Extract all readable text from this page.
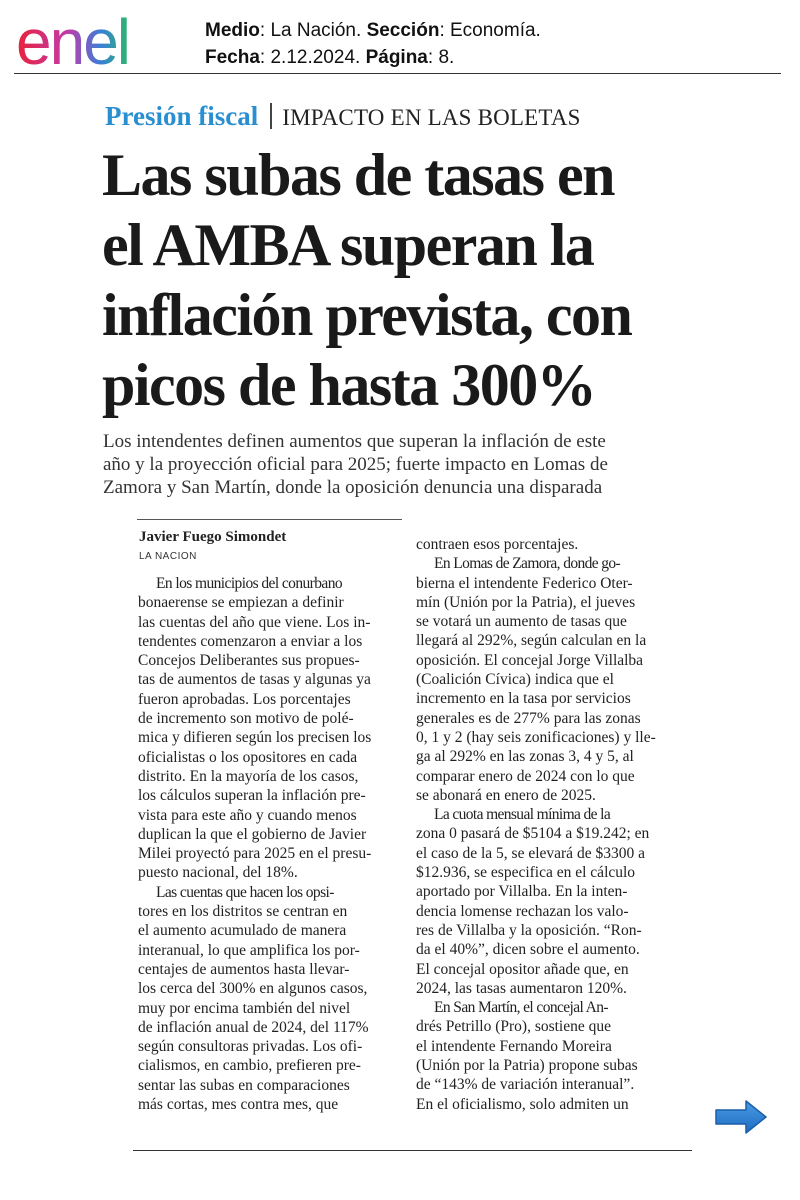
enel	Medio: La Nación. Sección: Economía.
Fecha: 2.12.2024. Página: 8.
Presión fiscal IMPACTO EN LAS BOLETAS
Las subas de tasas en
el AMBA superan la
inflación prevista, con
picos de hasta 300%
Los intendentes definen aumentos que superan la inflación de este
año y la proyección oficial para 2025; fuerte impacto en Lomas de
Zamora y San Martín, donde la oposición denuncia una disparada
Javier Fuego Simondet
LA NACION
En los municipios del conurbano
bonaerense se empiezan a definir
las cuentas del año que viene. Los in-
tendentes comenzaron a enviar a los
Concejos Deliberantes sus propues-
tas de aumentos de tasas y algunas ya
fueron aprobadas. Los porcentajes
de incremento son motivo de polé-
mica y difieren según los precisen los
oficialistas o los opositores en cada
distrito. En la mayoría de los casos,
los cálculos superan la inflación pre-
vista para este año y cuando menos
duplican la que el gobierno de Javier
Milei proyectó para 2025 en el presu-
puesto nacional, del 18%.
Las cuentas que hacen los opsi-
tores en los distritos se centran en
el aumento acumulado de manera
interanual, lo que amplifica los por-
centajes de aumentos hasta llevar-
los cerca del 300% en algunos casos,
muy por encima también del nivel
de inflación anual de 2024, del 117%
según consultoras privadas. Los ofi-
cialismos, en cambio, prefieren pre-
sentar las subas en comparaciones
más cortas, mes contra mes, que
contraen esos porcentajes.
En Lomas de Zamora, donde go-
bierna el intendente Federico Oter-
mín (Unión por la Patria), el jueves
se votará un aumento de tasas que
llegará al 292%, según calculan en la
oposición. El concejal Jorge Villalba
(Coalición Cívica) indica que el
incremento en la tasa por servicios
generales es de 277% para las zonas
0, 1 y 2 (hay seis zonificaciones) y lle-
ga al 292% en las zonas 3, 4 y 5, al
comparar enero de 2024 con lo que
se abonará en enero de 2025.
La cuota mensual mínima de la
zona 0 pasará de $5104 a $19.242; en
el caso de la 5, se elevará de $3300 a
$12.936, se especifica en el cálculo
aportado por Villalba. En la inten-
dencia lomense rechazan los valo-
res de Villalba y la oposición. “Ron-
da el 40%”, dicen sobre el aumento.
El concejal opositor añade que, en
2024, las tasas aumentaron 120%.
En San Martín, el concejal An-
drés Petrillo (Pro), sostiene que
el intendente Fernando Moreira
(Unión por la Patria) propone subas
de “143% de variación interanual”.
En el oficialismo, solo admiten un
